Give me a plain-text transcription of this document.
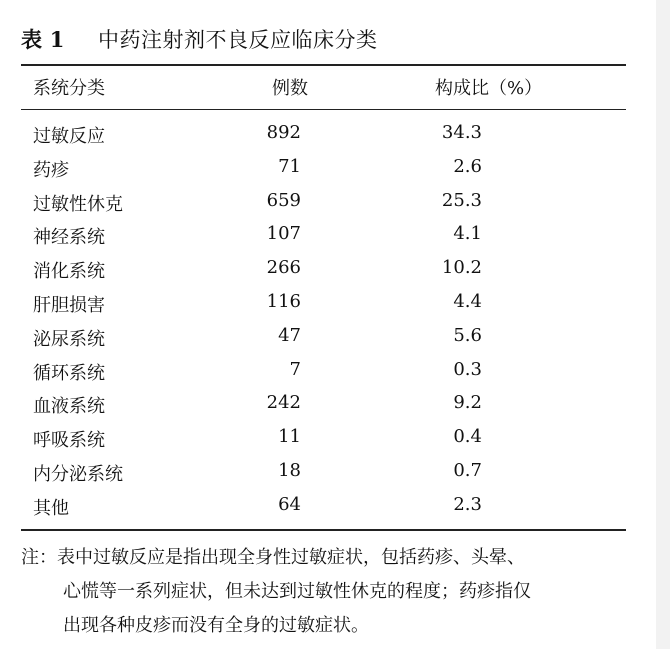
表 1 中药注射剂不良反应临床分类
系统分类	例数	构成比（%）
过敏反应	892	34.3
药疹	71	2.6
过敏性休克	659	25.3
神经系统	107	4.1
消化系统	266	10.2
肝胆损害	116	4.4
泌尿系统	47	5.6
循环系统	7	0.3
血液系统	242	9.2
呼吸系统	11	0.4
内分泌系统	18	0.7
其他	64	2.3
注：表中过敏反应是指出现全身性过敏症状，包括药疹、头晕、
心慌等一系列症状，但未达到过敏性休克的程度；药疹指仅
出现各种皮疹而没有全身的过敏症状。
